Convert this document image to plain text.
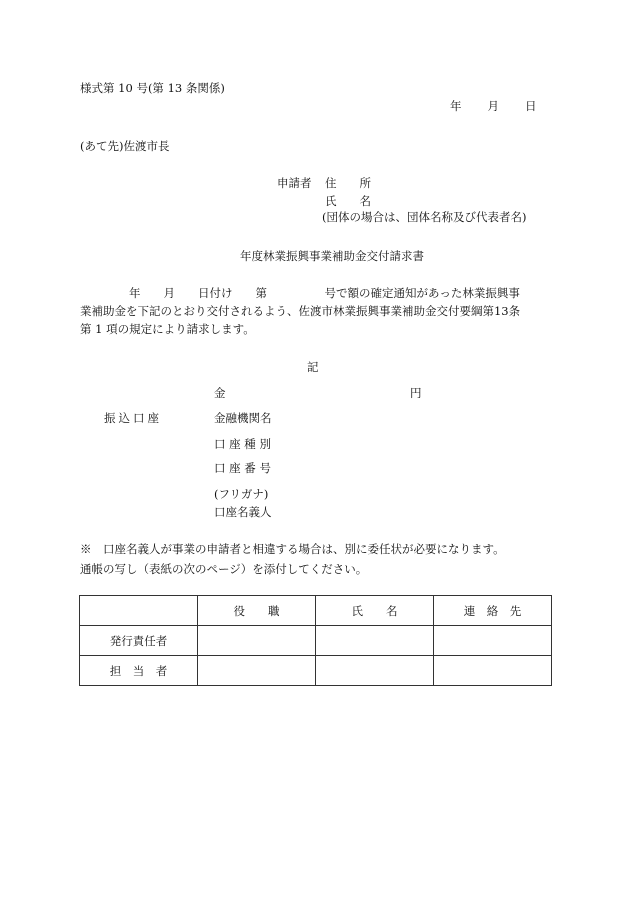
様式第 10 号(第 13 条関係)
年 月 日
(あて先)佐渡市長
申請者 住　　所
氏　　名
(団体の場合は、団体名称及び代表者名)
年度林業振興事業補助金交付請求書
年　　月　　日付け　　第　　　　　号で額の確定通知があった林業振興事
業補助金を下記のとおり交付されるよう、佐渡市林業振興事業補助金交付要綱第13条
第 1 項の規定により請求します。
記
金	円
振込口座	金融機関名
口 座 種 別
口 座 番 号
(フリガナ)
口座名義人
※　口座名義人が事業の申請者と相違する場合は、別に委任状が必要になります。
通帳の写し（表紙の次のページ）を添付してください。
	役　　職	氏　　名	連　絡　先
発行責任者			
担　当　者			
